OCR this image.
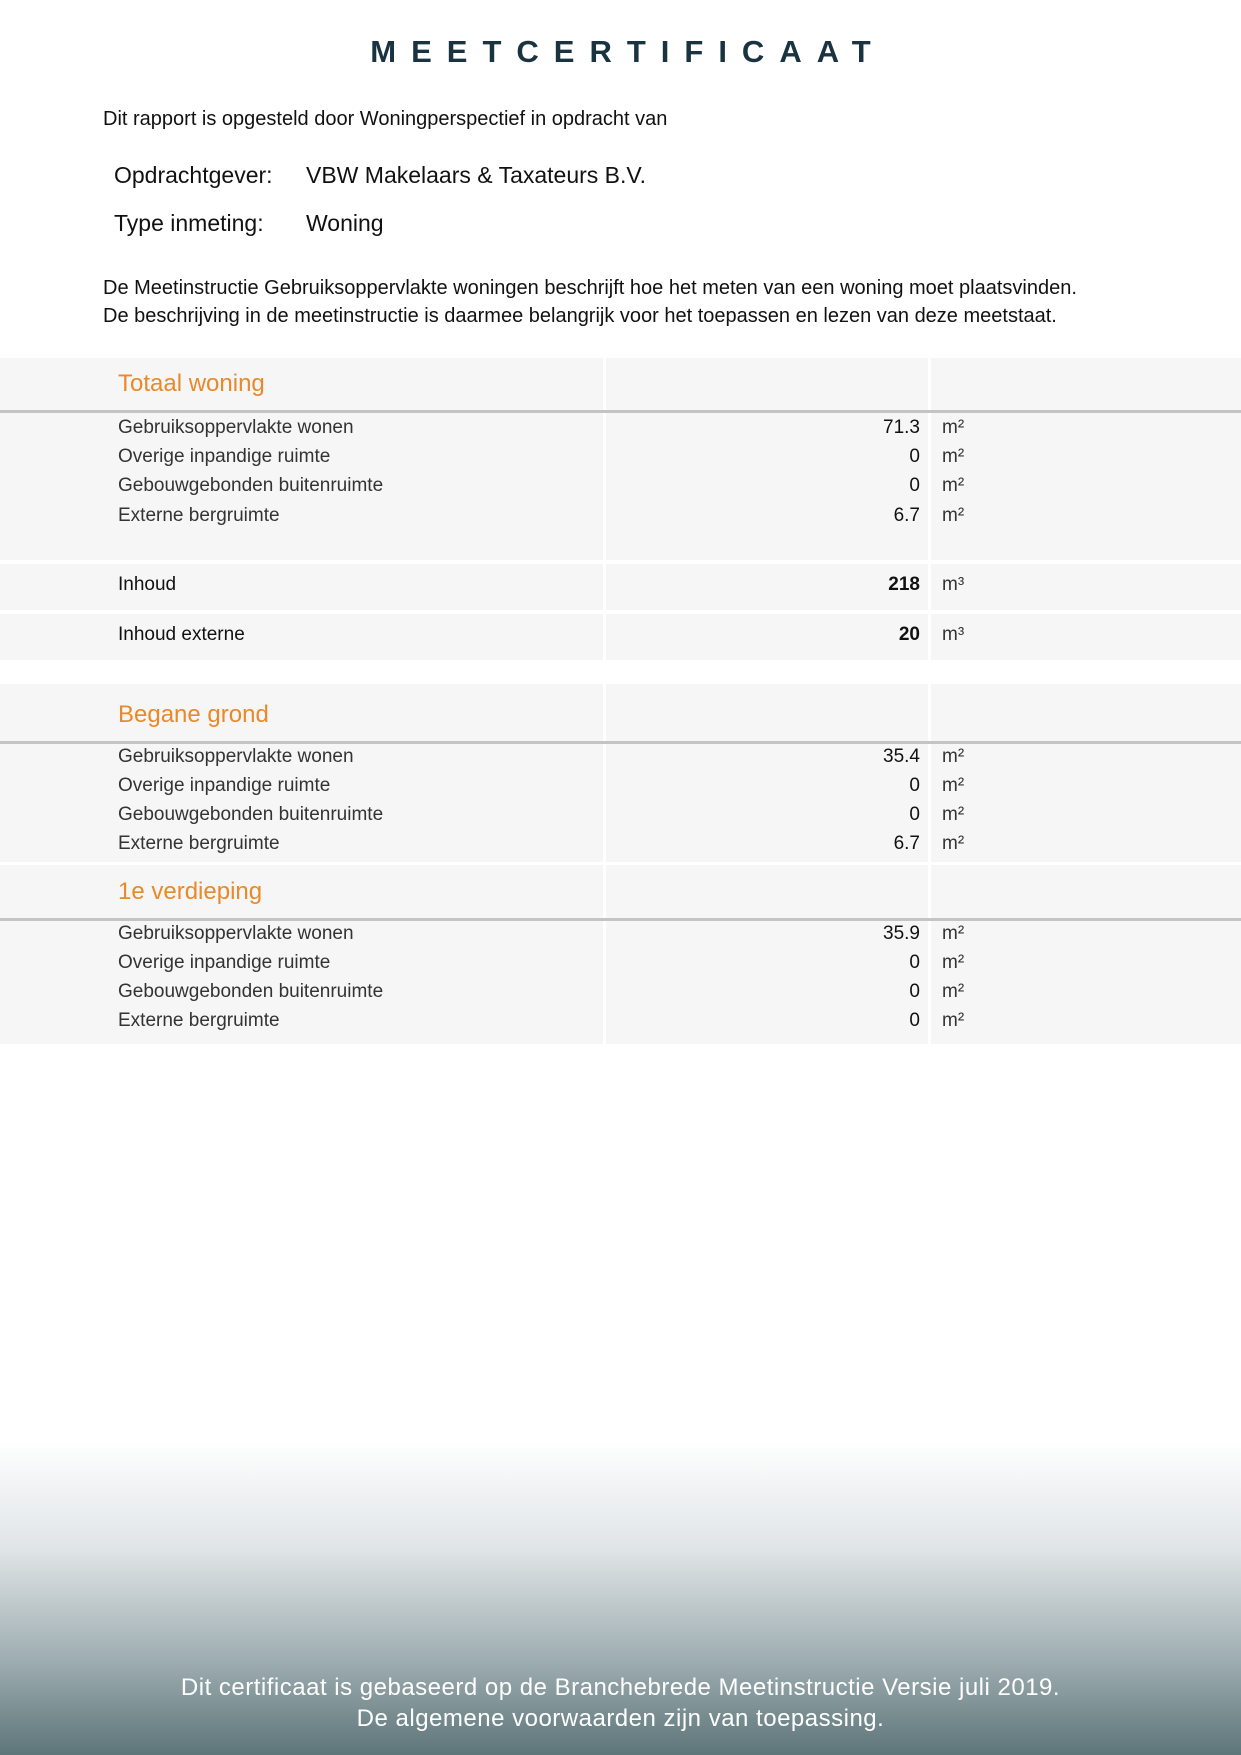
MEETCERTIFICAAT
Dit rapport is opgesteld door Woningperspectief in opdracht van
Opdrachtgever: VBW Makelaars & Taxateurs B.V.
Type inmeting: Woning
De Meetinstructie Gebruiksoppervlakte woningen beschrijft hoe het meten van een woning moet plaatsvinden.
De beschrijving in de meetinstructie is daarmee belangrijk voor het toepassen en lezen van deze meetstaat.
Totaal woning
Gebruiksoppervlakte wonen	71.3 m²
Overige inpandige ruimte	0 m²
Gebouwgebonden buitenruimte	0 m²
Externe bergruimte	6.7 m²
Inhoud	218 m³
Inhoud externe	20 m³
Begane grond
Gebruiksoppervlakte wonen	35.4 m²
Overige inpandige ruimte	0 m²
Gebouwgebonden buitenruimte	0 m²
Externe bergruimte	6.7 m²
1e verdieping
Gebruiksoppervlakte wonen	35.9 m²
Overige inpandige ruimte	0 m²
Gebouwgebonden buitenruimte	0 m²
Externe bergruimte	0 m²
Dit certificaat is gebaseerd op de Branchebrede Meetinstructie Versie juli 2019.
De algemene voorwaarden zijn van toepassing.
